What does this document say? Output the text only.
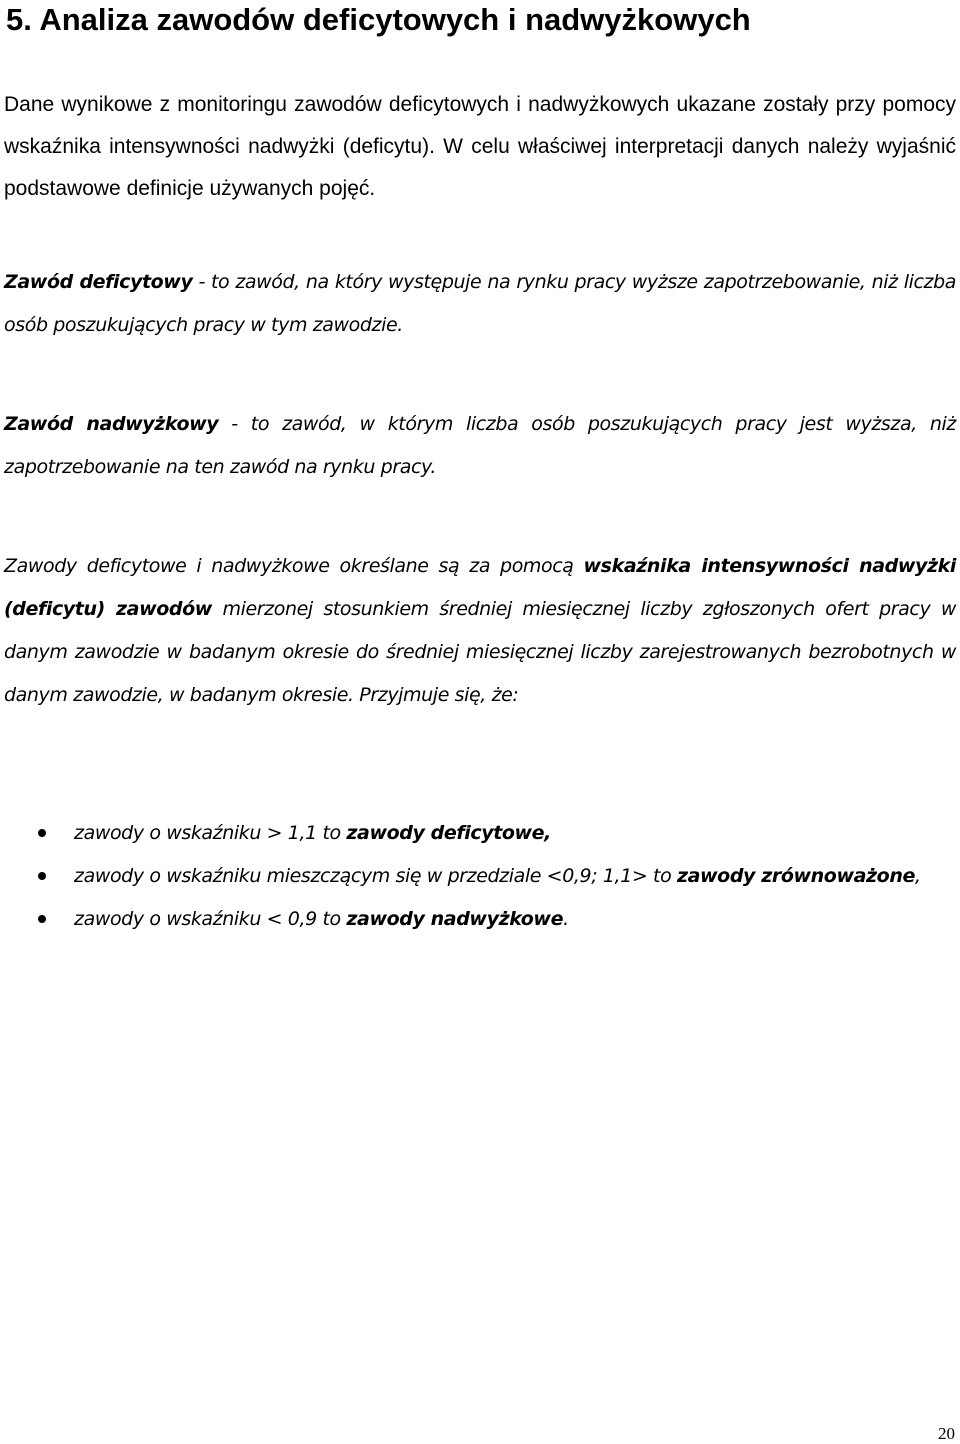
5. Analiza zawodów deficytowych i nadwyżkowych

Dane wynikowe z monitoringu zawodów deficytowych i nadwyżkowych ukazane zostały przy pomocy wskaźnika intensywności nadwyżki (deficytu). W celu właściwej interpretacji danych należy wyjaśnić podstawowe definicje używanych pojęć.

Zawód deficytowy - to zawód, na który występuje na rynku pracy wyższe zapotrzebowanie, niż liczba osób poszukujących pracy w tym zawodzie.

Zawód nadwyżkowy - to zawód, w którym liczba osób poszukujących pracy jest wyższa, niż zapotrzebowanie na ten zawód na rynku pracy.

Zawody deficytowe i nadwyżkowe określane są za pomocą wskaźnika intensywności nadwyżki (deficytu) zawodów mierzonej stosunkiem średniej miesięcznej liczby zgłoszonych ofert pracy w danym zawodzie w badanym okresie do średniej miesięcznej liczby zarejestrowanych bezrobotnych w danym zawodzie, w badanym okresie. Przyjmuje się, że:

zawody o wskaźniku > 1,1 to zawody deficytowe,
zawody o wskaźniku mieszczącym się w przedziale <0,9; 1,1> to zawody zrównoważone,
zawody o wskaźniku < 0,9 to zawody nadwyżkowe.
20
